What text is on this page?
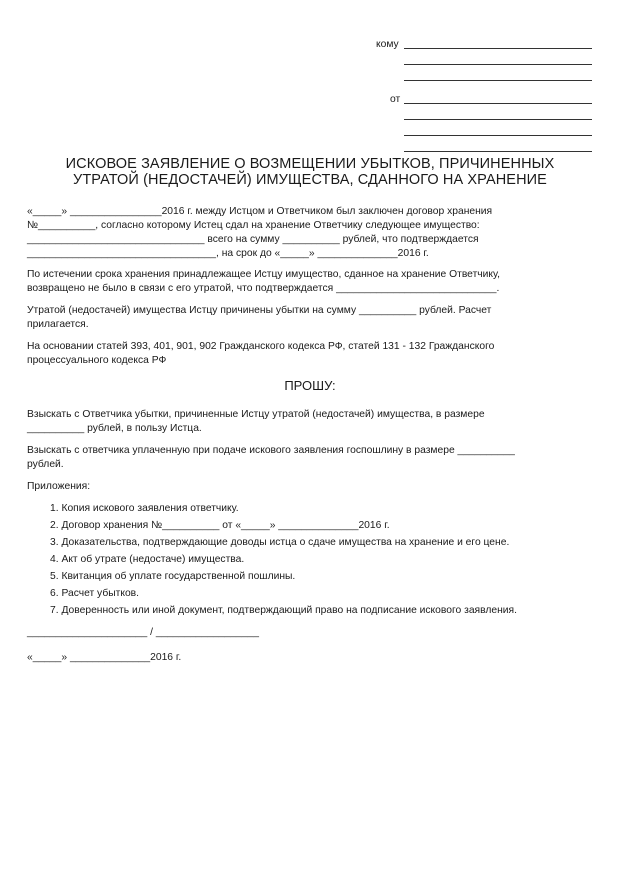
кому
от
ИСКОВОЕ ЗАЯВЛЕНИЕ О ВОЗМЕЩЕНИИ УБЫТКОВ, ПРИЧИНЕННЫХ
УТРАТОЙ (НЕДОСТАЧЕЙ) ИМУЩЕСТВА, СДАННОГО НА ХРАНЕНИЕ
«_____» ________________2016 г. между Истцом и Ответчиком был заключен договор хранения
№__________, согласно которому Истец сдал на хранение Ответчику следующее имущество:
_______________________________ всего на сумму __________ рублей, что подтверждается
_________________________________, на срок до «_____» ______________2016 г.
По истечении срока хранения принадлежащее Истцу имущество, сданное на хранение Ответчику,
возвращено не было в связи с его утратой, что подтверждается ____________________________.
Утратой (недостачей) имущества Истцу причинены убытки на сумму __________ рублей. Расчет
прилагается.
На основании статей 393, 401, 901, 902 Гражданского кодекса РФ, статей 131 - 132 Гражданского
процессуального кодекса РФ
ПРОШУ:
Взыскать с Ответчика убытки, причиненные Истцу утратой (недостачей) имущества, в размере
__________ рублей, в пользу Истца.
Взыскать с ответчика уплаченную при подаче искового заявления госпошлину в размере __________
рублей.
Приложения:
1. Копия искового заявления ответчику.
2. Договор хранения №__________ от «_____» ______________2016 г.
3. Доказательства, подтверждающие доводы истца о сдаче имущества на хранение и его цене.
4. Акт об утрате (недостаче) имущества.
5. Квитанция об уплате государственной пошлины.
6. Расчет убытков.
7. Доверенность или иной документ, подтверждающий право на подписание искового заявления.
_____________________ / __________________
«_____» ______________2016 г.
